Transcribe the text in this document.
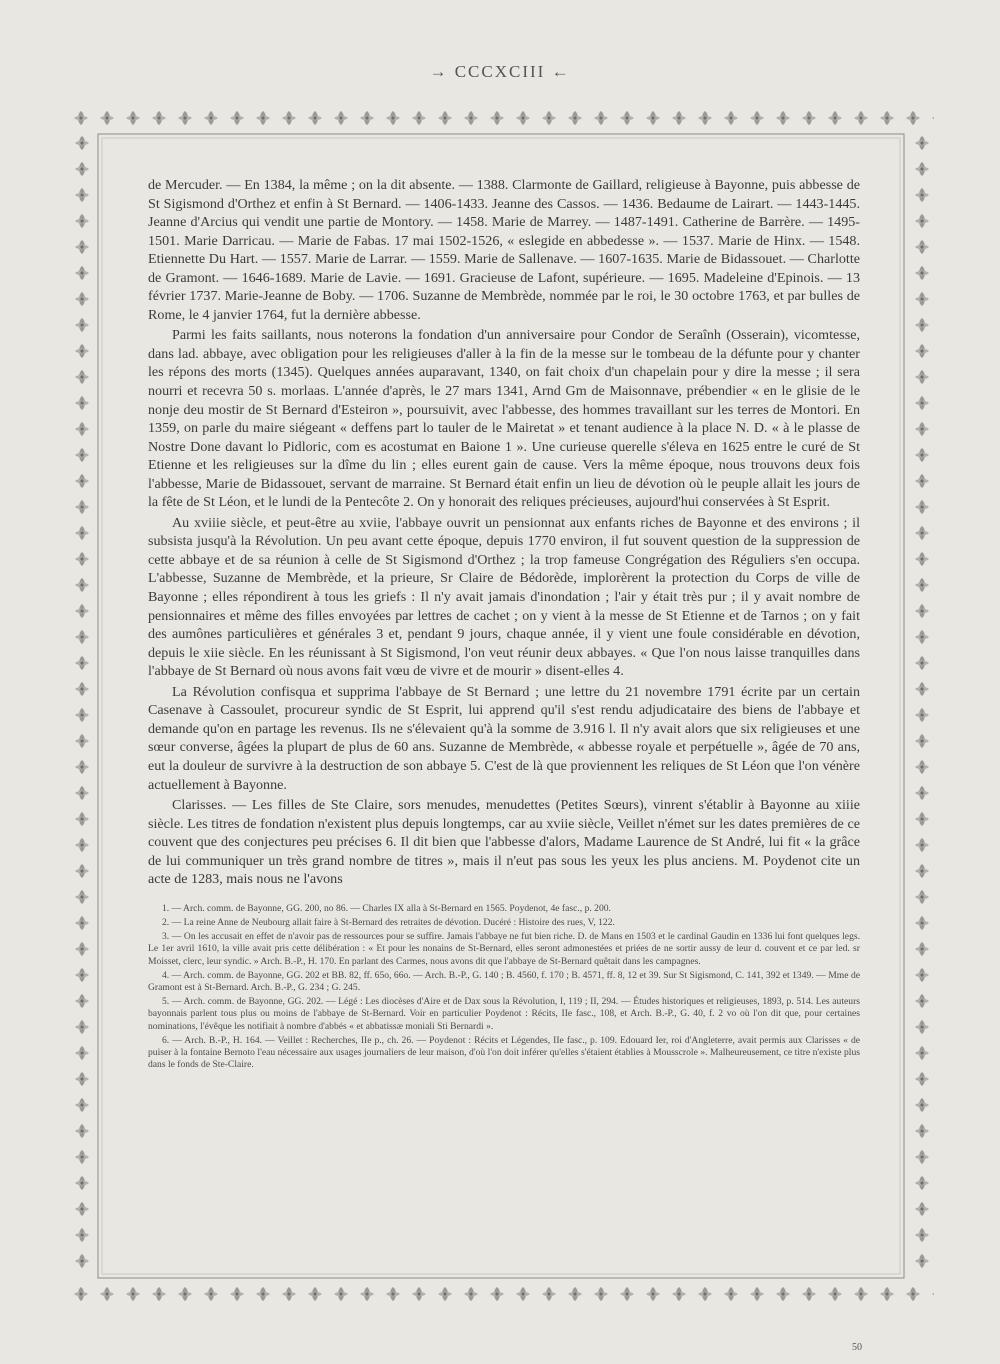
→ CCCXCIII ←

de Mercuder. — En 1384, la même ; on la dit absente. — 1388. Clarmonte de Gaillard, religieuse à Bayonne, puis abbesse de St Sigismond d'Orthez et enfin à St Bernard. — 1406-1433. Jeanne des Cassos. — 1436. Bedaume de Lairart. — 1443-1445. Jeanne d'Arcius qui vendit une partie de Montory. — 1458. Marie de Marrey. — 1487-1491. Catherine de Barrère. — 1495-1501. Marie Darricau. — Marie de Fabas. 17 mai 1502-1526, « eslegide en abbedesse ». — 1537. Marie de Hinx. — 1548. Etiennette Du Hart. — 1557. Marie de Larrar. — 1559. Marie de Sallenave. — 1607-1635. Marie de Bidassouet. — Charlotte de Gramont. — 1646-1689. Marie de Lavie. — 1691. Gracieuse de Lafont, supérieure. — 1695. Madeleine d'Epinois. — 13 février 1737. Marie-Jeanne de Boby. — 1706. Suzanne de Membrède, nommée par le roi, le 30 octobre 1763, et par bulles de Rome, le 4 janvier 1764, fut la dernière abbesse.

Parmi les faits saillants, nous noterons la fondation d'un anniversaire pour Condor de Seraînh (Osserain), vicomtesse, dans lad. abbaye, avec obligation pour les religieuses d'aller à la fin de la messe sur le tombeau de la défunte pour y chanter les répons des morts (1345). Quelques années auparavant, 1340, on fait choix d'un chapelain pour y dire la messe ; il sera nourri et recevra 50 s. morlaas. L'année d'après, le 27 mars 1341, Arnd Gm de Maisonnave, prébendier « en le glisie de le nonje deu mostir de St Bernard d'Esteiron », poursuivit, avec l'abbesse, des hommes travaillant sur les terres de Montori. En 1359, on parle du maire siégeant « deffens part lo tauler de le Mairetat » et tenant audience à la place N. D. « à le plasse de Nostre Done davant lo Pidloric, com es acostumat en Baione 1 ». Une curieuse querelle s'éleva en 1625 entre le curé de St Etienne et les religieuses sur la dîme du lin ; elles eurent gain de cause. Vers la même époque, nous trouvons deux fois l'abbesse, Marie de Bidassouet, servant de marraine. St Bernard était enfin un lieu de dévotion où le peuple allait les jours de la fête de St Léon, et le lundi de la Pentecôte 2. On y honorait des reliques précieuses, aujourd'hui conservées à St Esprit.

Au xviiie siècle, et peut-être au xviie, l'abbaye ouvrit un pensionnat aux enfants riches de Bayonne et des environs ; il subsista jusqu'à la Révolution. Un peu avant cette époque, depuis 1770 environ, il fut souvent question de la suppression de cette abbaye et de sa réunion à celle de St Sigismond d'Orthez ; la trop fameuse Congrégation des Réguliers s'en occupa. L'abbesse, Suzanne de Membrède, et la prieure, Sr Claire de Bédorède, implorèrent la protection du Corps de ville de Bayonne ; elles répondirent à tous les griefs : Il n'y avait jamais d'inondation ; l'air y était très pur ; il y avait nombre de pensionnaires et même des filles envoyées par lettres de cachet ; on y vient à la messe de St Etienne et de Tarnos ; on y fait des aumônes particulières et générales 3 et, pendant 9 jours, chaque année, il y vient une foule considérable en dévotion, depuis le xiie siècle. En les réunissant à St Sigismond, l'on veut réunir deux abbayes. « Que l'on nous laisse tranquilles dans l'abbaye de St Bernard où nous avons fait vœu de vivre et de mourir » disent-elles 4.

La Révolution confisqua et supprima l'abbaye de St Bernard ; une lettre du 21 novembre 1791 écrite par un certain Casenave à Cassoulet, procureur syndic de St Esprit, lui apprend qu'il s'est rendu adjudicataire des biens de l'abbaye et demande qu'on en partage les revenus. Ils ne s'élevaient qu'à la somme de 3.916 l. Il n'y avait alors que six religieuses et une sœur converse, âgées la plupart de plus de 60 ans. Suzanne de Membrède, « abbesse royale et perpétuelle », âgée de 70 ans, eut la douleur de survivre à la destruction de son abbaye 5. C'est de là que proviennent les reliques de St Léon que l'on vénère actuellement à Bayonne.

Clarisses. — Les filles de Ste Claire, sors menudes, menudettes (Petites Sœurs), vinrent s'établir à Bayonne au xiiie siècle. Les titres de fondation n'existent plus depuis longtemps, car au xviie siècle, Veillet n'émet sur les dates premières de ce couvent que des conjectures peu précises 6. Il dit bien que l'abbesse d'alors, Madame Laurence de St André, lui fit « la grâce de lui communiquer un très grand nombre de titres », mais il n'eut pas sous les yeux les plus anciens. M. Poydenot cite un acte de 1283, mais nous ne l'avons

1. — Arch. comm. de Bayonne, GG. 200, no 86. — Charles IX alla à St-Bernard en 1565. Poydenot, 4e fasc., p. 200.

2. — La reine Anne de Neubourg allait faire à St-Bernard des retraites de dévotion. Ducéré : Histoire des rues, V, 122.

3. — On les accusait en effet de n'avoir pas de ressources pour se suffire. Jamais l'abbaye ne fut bien riche. D. de Mans en 1503 et le cardinal Gaudin en 1336 lui font quelques legs. Le 1er avril 1610, la ville avait pris cette délibération : « Et pour les nonains de St-Bernard, elles seront admonestées et priées de ne sortir aussy de leur d. couvent et ce par led. sr Moisset, clerc, leur syndic. » Arch. B.-P., H. 170. En parlant des Carmes, nous avons dit que l'abbaye de St-Bernard quêtait dans les campagnes.

4. — Arch. comm. de Bayonne, GG. 202 et BB. 82, ff. 65o, 66o. — Arch. B.-P., G. 140 ; B. 4560, f. 170 ; B. 4571, ff. 8, 12 et 39. Sur St Sigismond, C. 141, 392 et 1349. — Mme de Gramont est à St-Bernard. Arch. B.-P., G. 234 ; G. 245.

5. — Arch. comm. de Bayonne, GG. 202. — Légé : Les diocèses d'Aire et de Dax sous la Révolution, I, 119 ; II, 294. — Études historiques et religieuses, 1893, p. 514. Les auteurs bayonnais parlent tous plus ou moins de l'abbaye de St-Bernard. Voir en particulier Poydenot : Récits, IIe fasc., 108, et Arch. B.-P., G. 40, f. 2 vo où l'on dit que, pour certaines nominations, l'évêque les notifiait à nombre d'abbés « et abbatissæ moniali Sti Bernardi ».

6. — Arch. B.-P., H. 164. — Veillet : Recherches, IIe p., ch. 26. — Poydenot : Récits et Légendes, IIe fasc., p. 109. Edouard Ier, roi d'Angleterre, avait permis aux Clarisses « de puiser à la fontaine Bernoto l'eau nécessaire aux usages journaliers de leur maison, d'où l'on doit inférer qu'elles s'étaient établies à Mousscrole ». Malheureusement, ce titre n'existe plus dans le fonds de Ste-Claire.

50
